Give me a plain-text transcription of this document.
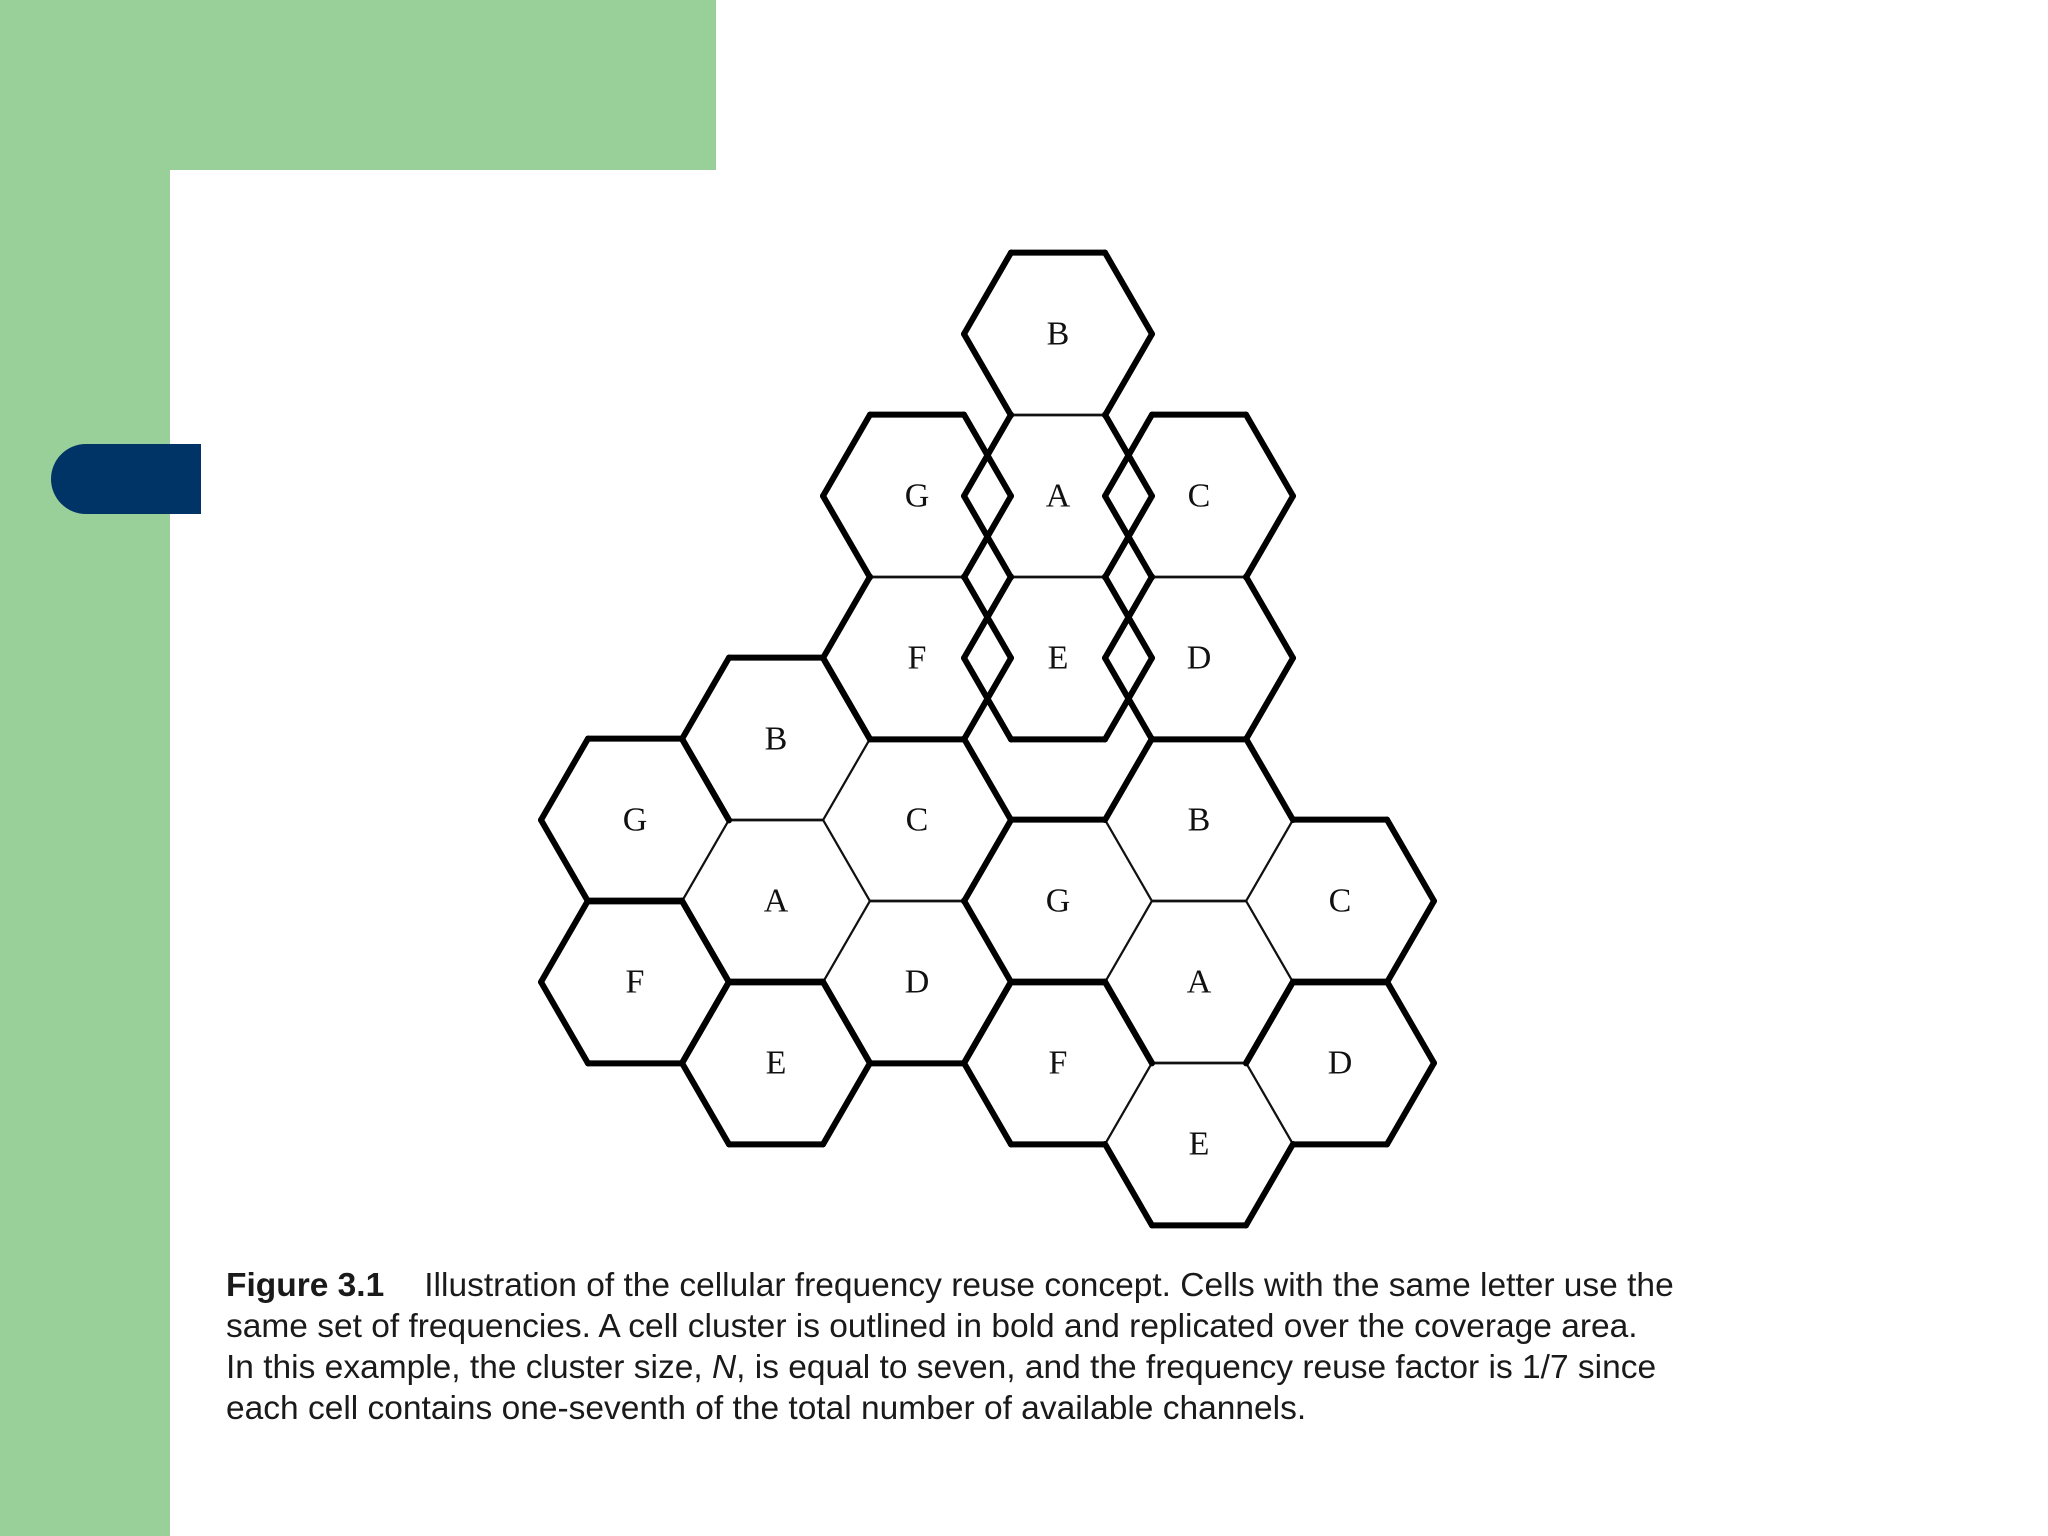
G
F
B
A
E
G
F
C
D
B
A
E
G
F
C
D
B
A
E
C
D
Figure 3.1 Illustration of the cellular frequency reuse concept. Cells with the same letter use the
same set of frequencies. A cell cluster is outlined in bold and replicated over the coverage area.
In this example, the cluster size, N, is equal to seven, and the frequency reuse factor is 1/7 since
each cell contains one-seventh of the total number of available channels.
